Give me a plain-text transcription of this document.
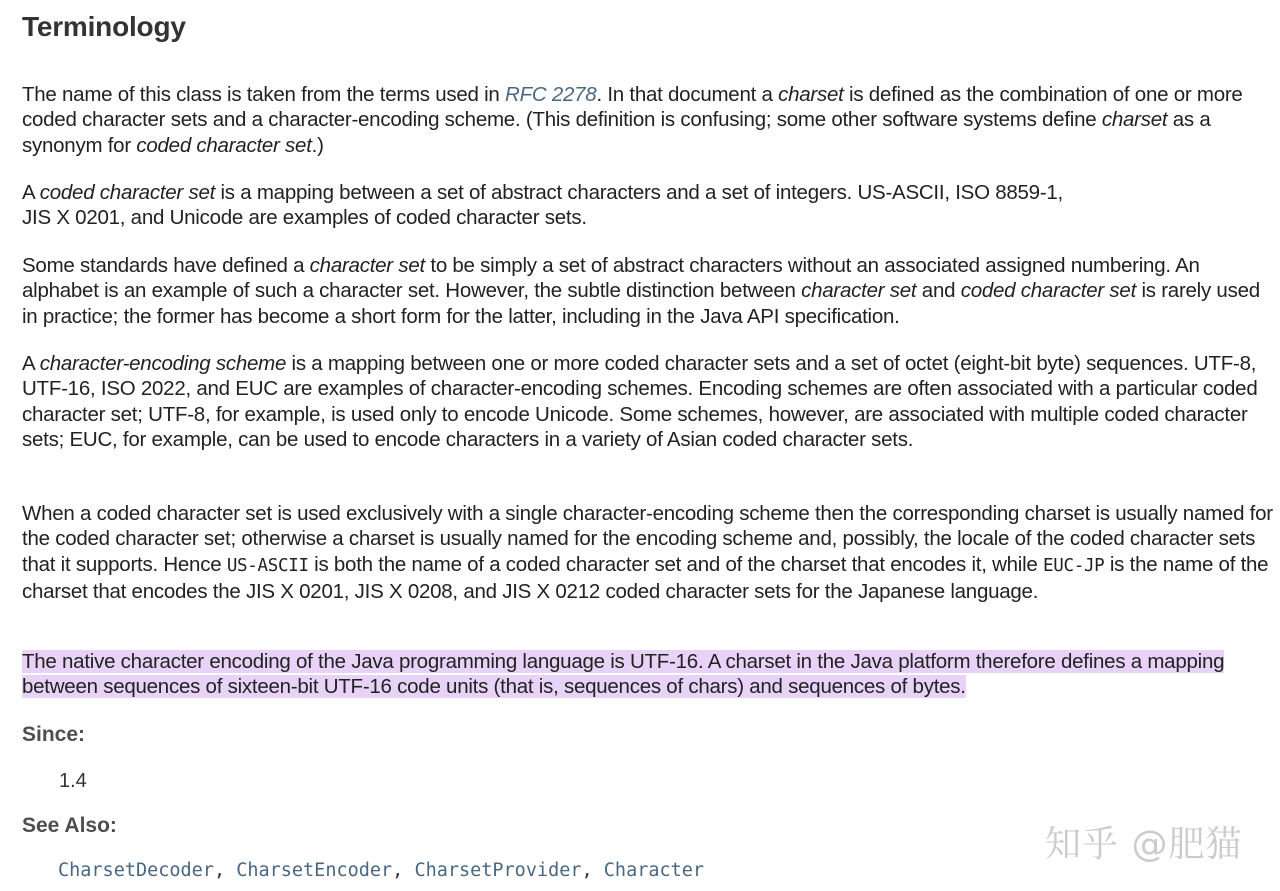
Terminology

The name of this class is taken from the terms used in RFC 2278. In that document a charset is defined as the combination of one or more coded character sets and a character-encoding scheme. (This definition is confusing; some other software systems define charset as a synonym for coded character set.)

A coded character set is a mapping between a set of abstract characters and a set of integers. US-ASCII, ISO 8859-1,
JIS X 0201, and Unicode are examples of coded character sets.

Some standards have defined a character set to be simply a set of abstract characters without an associated assigned numbering. An alphabet is an example of such a character set. However, the subtle distinction between character set and coded character set is rarely used in practice; the former has become a short form for the latter, including in the Java API specification.

A character-encoding scheme is a mapping between one or more coded character sets and a set of octet (eight-bit byte) sequences. UTF-8, UTF-16, ISO 2022, and EUC are examples of character-encoding schemes. Encoding schemes are often associated with a particular coded character set; UTF-8, for example, is used only to encode Unicode. Some schemes, however, are associated with multiple coded character sets; EUC, for example, can be used to encode characters in a variety of Asian coded character sets.

When a coded character set is used exclusively with a single character-encoding scheme then the corresponding charset is usually named for the coded character set; otherwise a charset is usually named for the encoding scheme and, possibly, the locale of the coded character sets that it supports. Hence US-ASCII is both the name of a coded character set and of the charset that encodes it, while EUC-JP is the name of the charset that encodes the JIS X 0201, JIS X 0208, and JIS X 0212 coded character sets for the Japanese language.

The native character encoding of the Java programming language is UTF-16. A charset in the Java platform therefore defines a mapping between sequences of sixteen-bit UTF-16 code units (that is, sequences of chars) and sequences of bytes.

Since:
1.4
See Also:
CharsetDecoder, CharsetEncoder, CharsetProvider, Character
知乎 @肥猫
